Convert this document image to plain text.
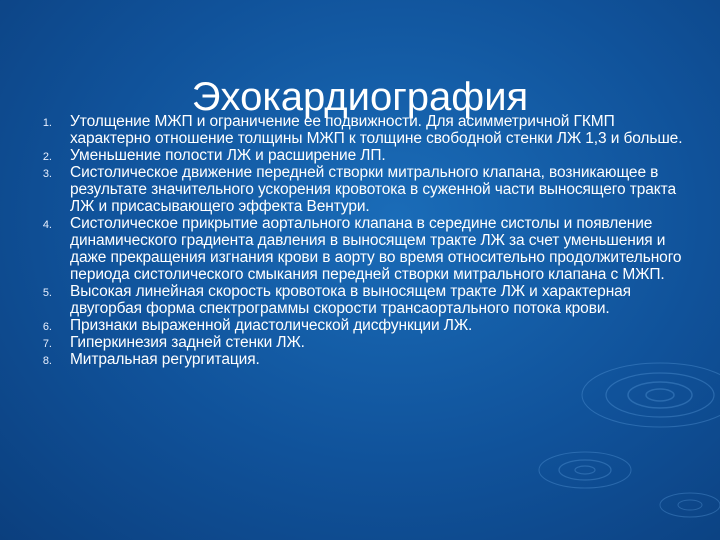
Эхокардиография
1. Утолщение МЖП и ограничение ее подвижности. Для асимметричной ГКМП характерно отношение толщины МЖП к толщине свободной стенки ЛЖ 1,3 и больше.
2. Уменьшение полости ЛЖ и расширение ЛП.
3. Систолическое движение передней створки митрального клапана, возникающее в результате значительного ускорения кровотока в суженной части выносящего тракта ЛЖ и присасывающего эффекта Вентури.
4. Систолическое прикрытие аортального клапана в середине систолы и появление динамического градиента давления в выносящем тракте ЛЖ за счет уменьшения и даже прекращения изгнания крови в аорту во время относительно продолжительного периода систолического смыкания передней створки митрального клапана с МЖП.
5. Высокая линейная скорость кровотока в выносящем тракте ЛЖ и характерная двугорбая форма спектрограммы скорости трансаортального потока крови.
6. Признаки выраженной диастолической дисфункции ЛЖ.
7. Гиперкинезия задней стенки ЛЖ.
8. Митральная регургитация.
